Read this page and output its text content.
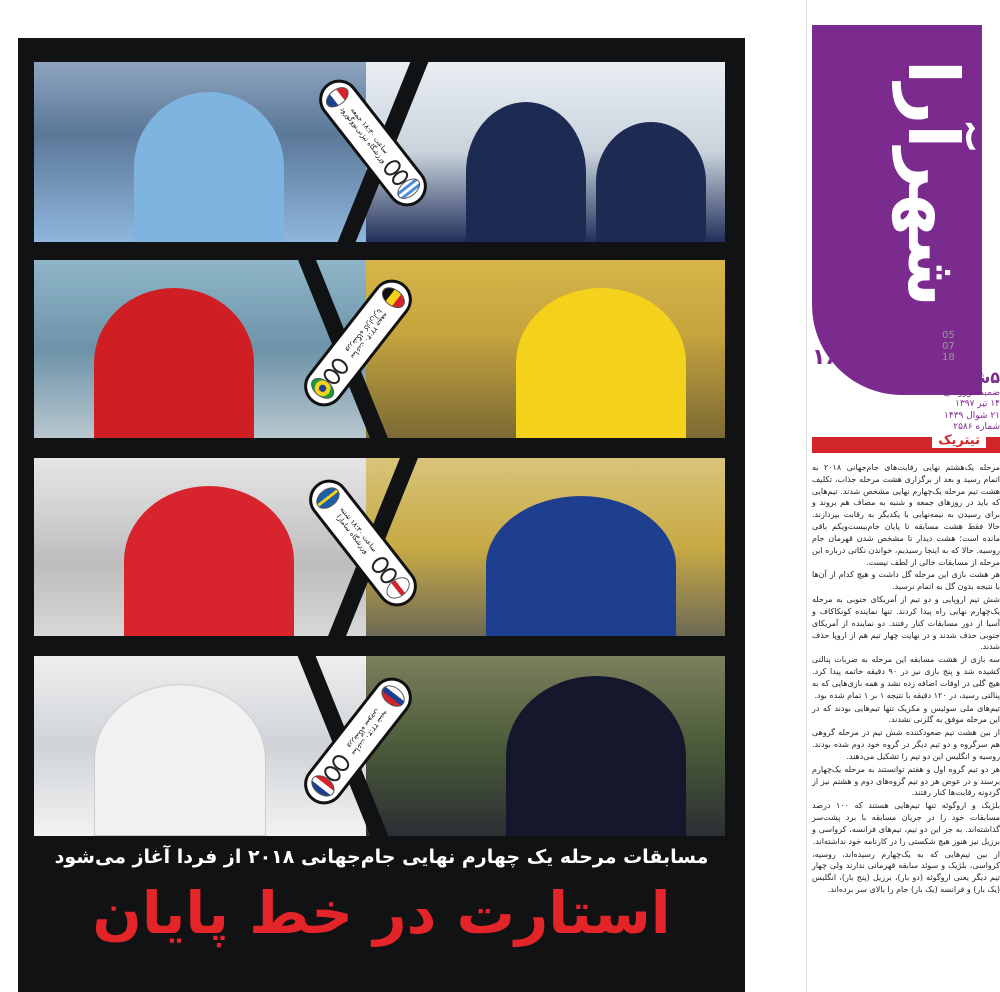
ساعت ۱۸:۳۰ جمعه ورزشگاه نیژنی‌نووگورود
ساعت ۲۲:۳۰ جمعه ورزشگاه کازان‌آرنا
ساعت ۱۸:۳۰ شنبه ورزشگاه سامارا
ساعت ۲۲:۳۰ شنبه ورزشگاه سوچی
مسابقات مرحله یک چهارم نهایی جام‌جهانی ۲۰۱۸ از فردا آغاز می‌شود
استارت در خط پایان
شهرآرا
05
07
18
۱۶۵
۵شنبه
ضمیمه ورزشی
۱۴ تیر ۱۳۹۷
۲۱ شوال ۱۴۳۹
شماره ۲۵۸۶
تیتریک

مرحله یک‌هشتم نهایی رقابت‌های جام‌جهانی ۲۰۱۸ به اتمام رسید و بعد از برگزاری هشت مرحله جذاب، تکلیف هشت تیم مرحله یک‌چهارم نهایی مشخص شدند. تیم‌هایی که باید در روزهای جمعه و شنبه به مصاف هم بروند و برای رسیدن به نیمه‌نهایی با یکدیگر به رقابت بپردازند. حالا فقط هشت مسابقه تا پایان جام‌بیست‌ویکم باقی مانده است؛ هشت دیدار تا مشخص شدن قهرمان جام روسیه. حالا که به اینجا رسیدیم، خواندن نکاتی درباره این مرحله از مسابقات خالی از لطف نیست.

هر هشت بازی این مرحله گل داشت و هیچ کدام از آن‌ها با نتیجه بدون گل به اتمام نرسید.

شش تیم اروپایی و دو تیم از آمریکای جنوبی به مرحله یک‌چهارم نهایی راه پیدا کردند. تنها نماینده کونکاکاف و آسیا از دور مسابقات کنار رفتند. دو نماینده از آمریکای جنوبی حذف شدند و در نهایت چهار تیم هم از اروپا حذف شدند.

سه بازی از هشت مسابقه این مرحله به ضربات پنالتی کشیده شد و پنج بازی نیز در ۹۰ دقیقه خاتمه پیدا کرد. هیچ گلی در اوقات اضافه زده نشد و همه بازی‌هایی که به پنالتی رسید، در ۱۲۰ دقیقه با نتیجه ۱ بر ۱ تمام شده بود.

تیم‌های ملی سوئیس و مکزیک تنها تیم‌هایی بودند که در این مرحله موفق به گلزنی نشدند.

از بین هشت تیم صعودکننده شش تیم در مرحله گروهی هم سرگروه و دو تیم دیگر در گروه خود دوم شده بودند. روسیه و انگلیس این دو تیم را تشکیل می‌دهند.

هر دو تیم گروه اول و هفتم توانستند به مرحله یک‌چهارم برسند و در عوض هر دو تیم گروه‌های دوم و هشتم نیز از گردونه رقابت‌ها کنار رفتند.

بلژیک و اروگوئه تنها تیم‌هایی هستند که ۱۰۰ درصد مسابقات خود را در جریان مسابقه با برد پشت‌سر گذاشته‌اند. به جز این دو تیم، تیم‌های فرانسه، کرواسی و برزیل نیز هنوز هیچ شکستی را در کارنامه خود نداشته‌اند.

از بین تیم‌هایی که به یک‌چهارم رسیده‌اند، روسیه، کرواسی، بلژیک و سوئد سابقه قهرمانی ندارند ولی چهار تیم دیگر یعنی اروگوئه (دو بار)، برزیل (پنج بار)، انگلیس (یک بار) و فرانسه (یک بار) جام را بالای سر برده‌اند.
